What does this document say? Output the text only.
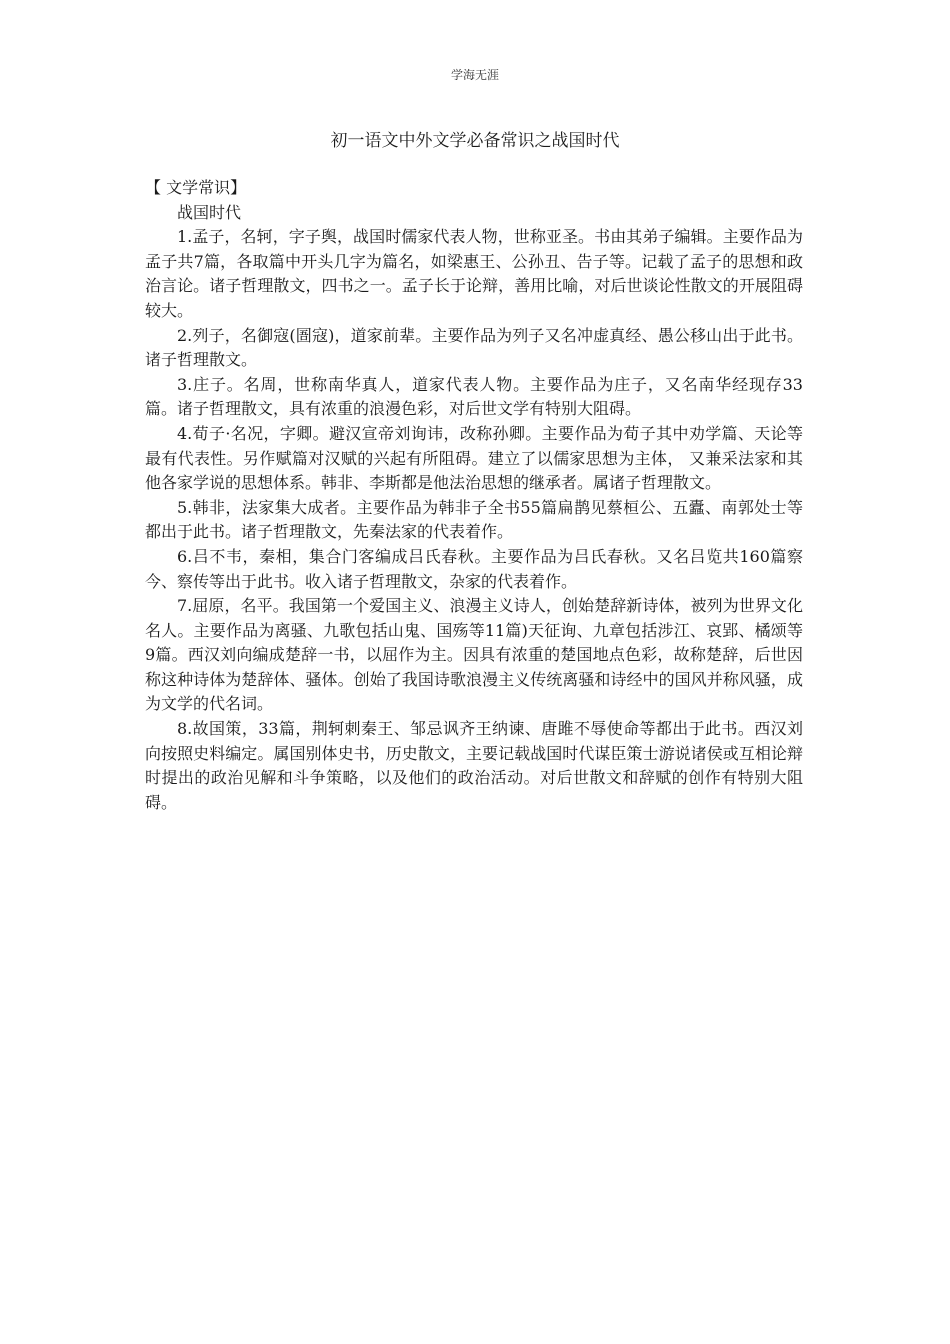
学海无涯
初一语文中外文学必备常识之战国时代

【 文学常识】

战国时代

1.孟子，名轲，字子舆，战国时儒家代表人物，世称亚圣。书由其弟子编辑。主要作品为孟子共7篇，各取篇中开头几字为篇名，如梁惠王、公孙丑、告子等。记载了孟子的思想和政治言论。诸子哲理散文，四书之一。孟子长于论辩，善用比喻，对后世谈论性散文的开展阻碍较大。

2.列子，名御寇(圄寇)，道家前辈。主要作品为列子又名冲虚真经、愚公移山出于此书。诸子哲理散文。

3.庄子。名周，世称南华真人，道家代表人物。主要作品为庄子，又名南华经现存33篇。诸子哲理散文，具有浓重的浪漫色彩，对后世文学有特别大阻碍。

4.荀子·名况，字卿。避汉宣帝刘询讳，改称孙卿。主要作品为荀子其中劝学篇、天论等最有代表性。另作赋篇对汉赋的兴起有所阻碍。建立了以儒家思想为主体， 又兼采法家和其他各家学说的思想体系。韩非、李斯都是他法治思想的继承者。属诸子哲理散文。

5.韩非，法家集大成者。主要作品为韩非子全书55篇扁鹊见蔡桓公、五蠹、南郭处士等都出于此书。诸子哲理散文，先秦法家的代表着作。

6.吕不韦，秦相，集合门客编成吕氏春秋。主要作品为吕氏春秋。又名吕览共160篇察今、察传等出于此书。收入诸子哲理散文，杂家的代表着作。

7.屈原，名平。我国第一个爱国主义、浪漫主义诗人，创始楚辞新诗体，被列为世界文化名人。主要作品为离骚、九歌包括山鬼、国殇等11篇)天征询、九章包括涉江、哀郢、橘颂等9篇。西汉刘向编成楚辞一书，以屈作为主。因具有浓重的楚国地点色彩，故称楚辞，后世因称这种诗体为楚辞体、骚体。创始了我国诗歌浪漫主义传统离骚和诗经中的国风并称风骚，成为文学的代名词。

8.故国策，33篇，荆轲刺秦王、邹忌讽齐王纳谏、唐雎不辱使命等都出于此书。西汉刘向按照史料编定。属国别体史书，历史散文，主要记载战国时代谋臣策士游说诸侯或互相论辩时提出的政治见解和斗争策略，以及他们的政治活动。对后世散文和辞赋的创作有特别大阻碍。
